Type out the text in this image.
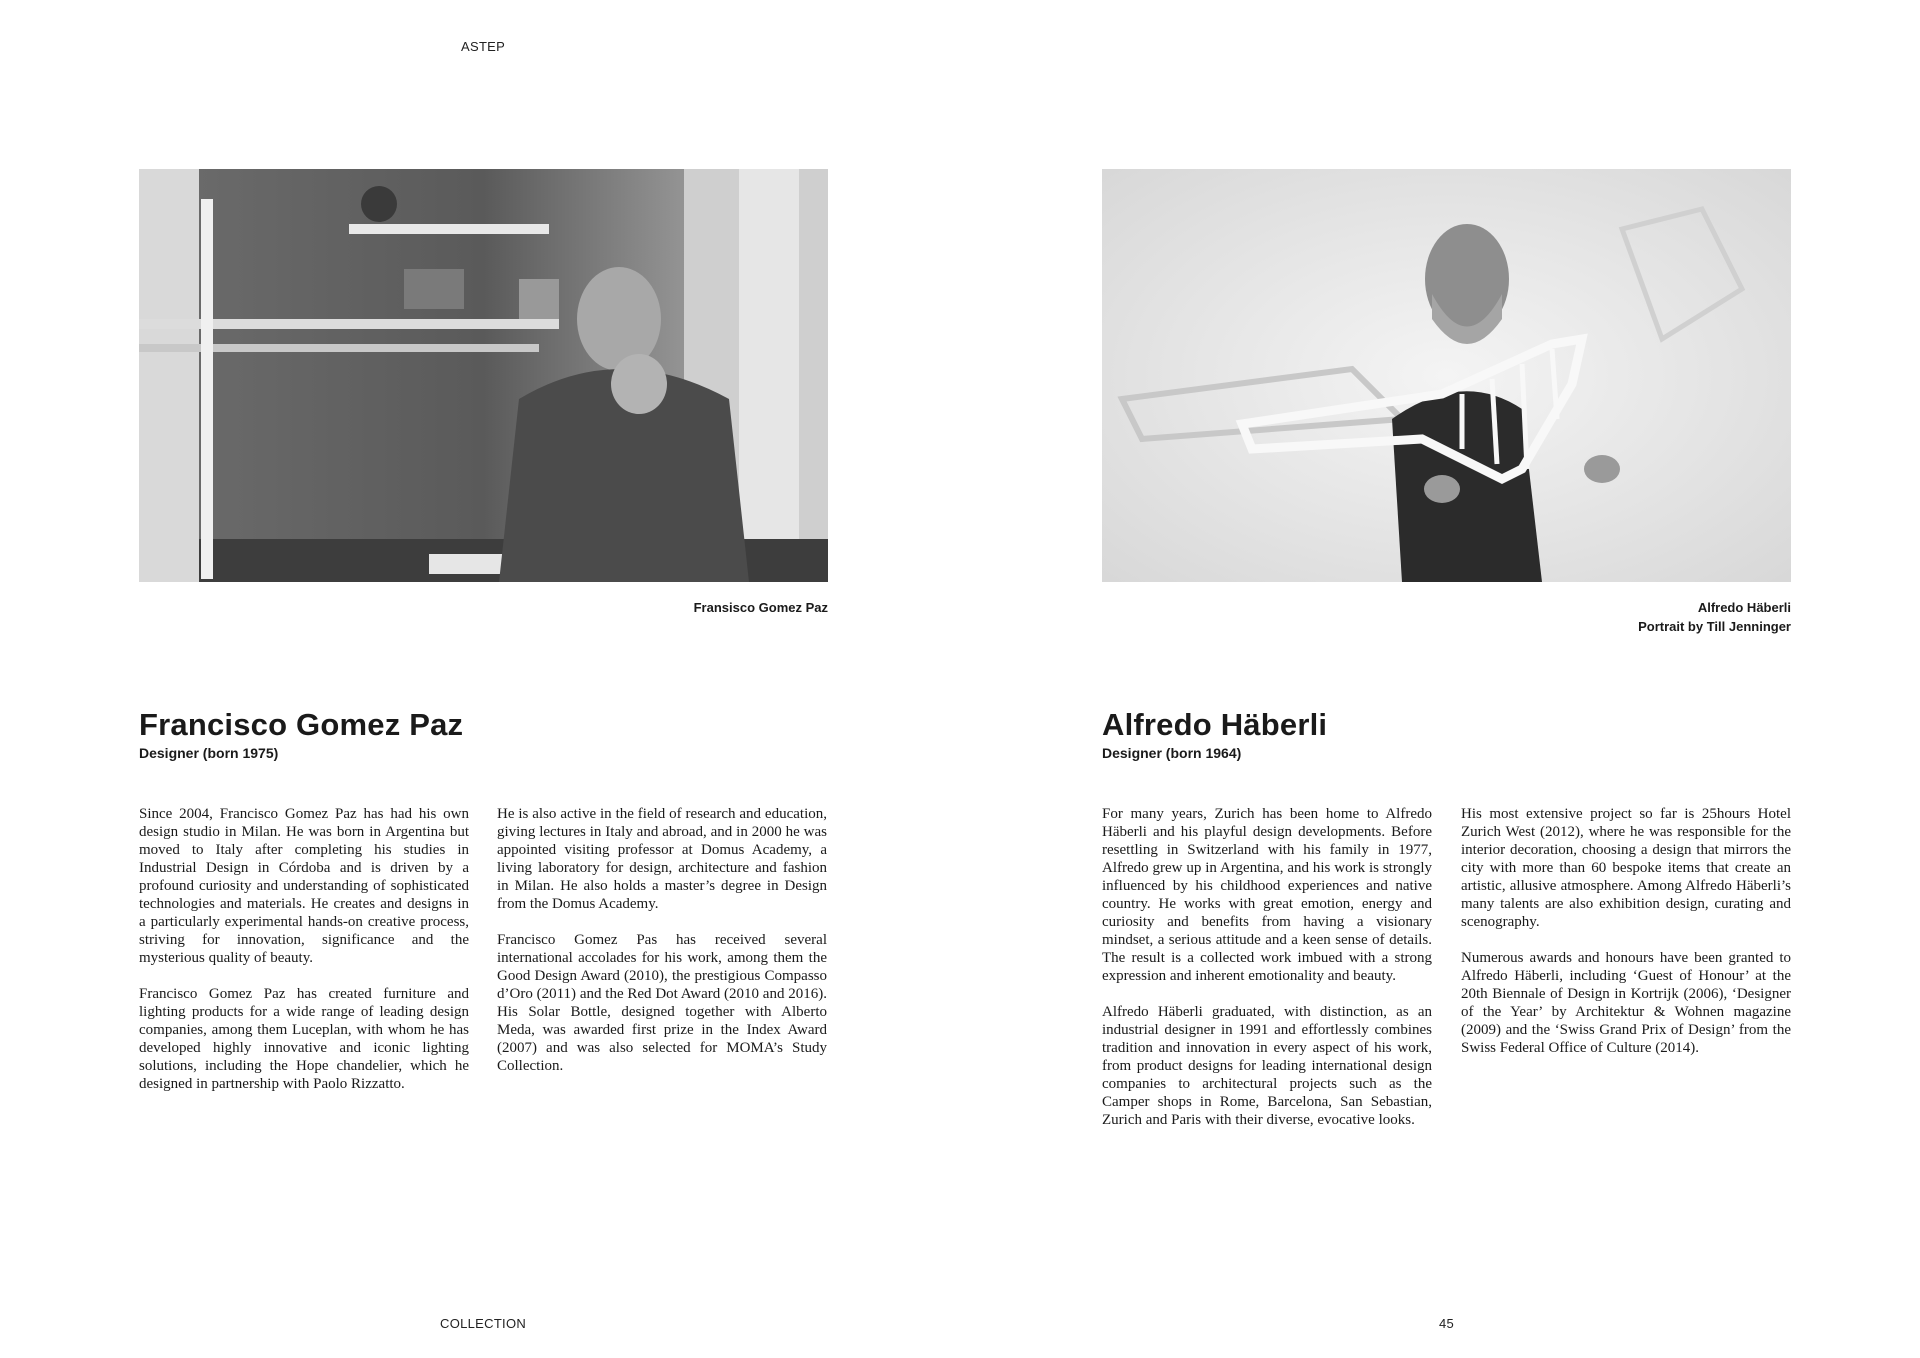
ASTEP
Fransisco Gomez Paz
Francisco Gomez Paz
Designer (born 1975)

Since 2004, Francisco Gomez Paz has had his own design studio in Milan. He was born in Argentina but moved to Italy after completing his studies in Industrial Design in Córdoba and is driven by a profound curiosity and understanding of sophisticated technologies and materials. He creates and designs in a particularly experimental hands-on creative process, striving for innovation, significance and the mysterious quality of beauty.

Francisco Gomez Paz has created furniture and lighting products for a wide range of leading design companies, among them Luceplan, with whom he has developed highly innovative and iconic lighting solutions, including the Hope chandelier, which he designed in partnership with Paolo Rizzatto.

He is also active in the field of research and education, giving lectures in Italy and abroad, and in 2000 he was appointed visiting professor at Domus Academy, a living laboratory for design, architecture and fashion in Milan. He also holds a master’s degree in Design from the Domus Academy.

Francisco Gomez Pas has received several international accolades for his work, among them the Good Design Award (2010), the prestigious Compasso d’Oro (2011) and the Red Dot Award (2010 and 2016). His Solar Bottle, designed together with Alberto Meda, was awarded first prize in the Index Award (2007) and was also selected for MOMA’s Study Collection.

Alfredo Häberli
Portrait by Till Jenninger
Alfredo Häberli
Designer (born 1964)

For many years, Zurich has been home to Alfredo Häberli and his playful design developments. Before resettling in Switzerland with his family in 1977, Alfredo grew up in Argentina, and his work is strongly influenced by his childhood experiences and native country. He works with great emotion, energy and curiosity and benefits from having a visionary mindset, a serious attitude and a keen sense of details. The result is a collected work imbued with a strong expression and inherent emotionality and beauty.

Alfredo Häberli graduated, with distinction, as an industrial designer in 1991 and effortlessly combines tradition and innovation in every aspect of his work, from product designs for leading international design companies to architectural projects such as the Camper shops in Rome, Barcelona, San Sebastian, Zurich and Paris with their diverse, evocative looks.

His most extensive project so far is 25hours Hotel Zurich West (2012), where he was responsible for the interior decoration, choosing a design that mirrors the city with more than 60 bespoke items that create an artistic, allusive atmosphere. Among Alfredo Häberli’s many talents are also exhibition design, curating and scenography.

Numerous awards and honours have been granted to Alfredo Häberli, including ‘Guest of Honour’ at the 20th Biennale of Design in Kortrijk (2006), ‘Designer of the Year’ by Architektur & Wohnen magazine (2009) and the ‘Swiss Grand Prix of Design’ from the Swiss Federal Office of Culture (2014).

COLLECTION	45
